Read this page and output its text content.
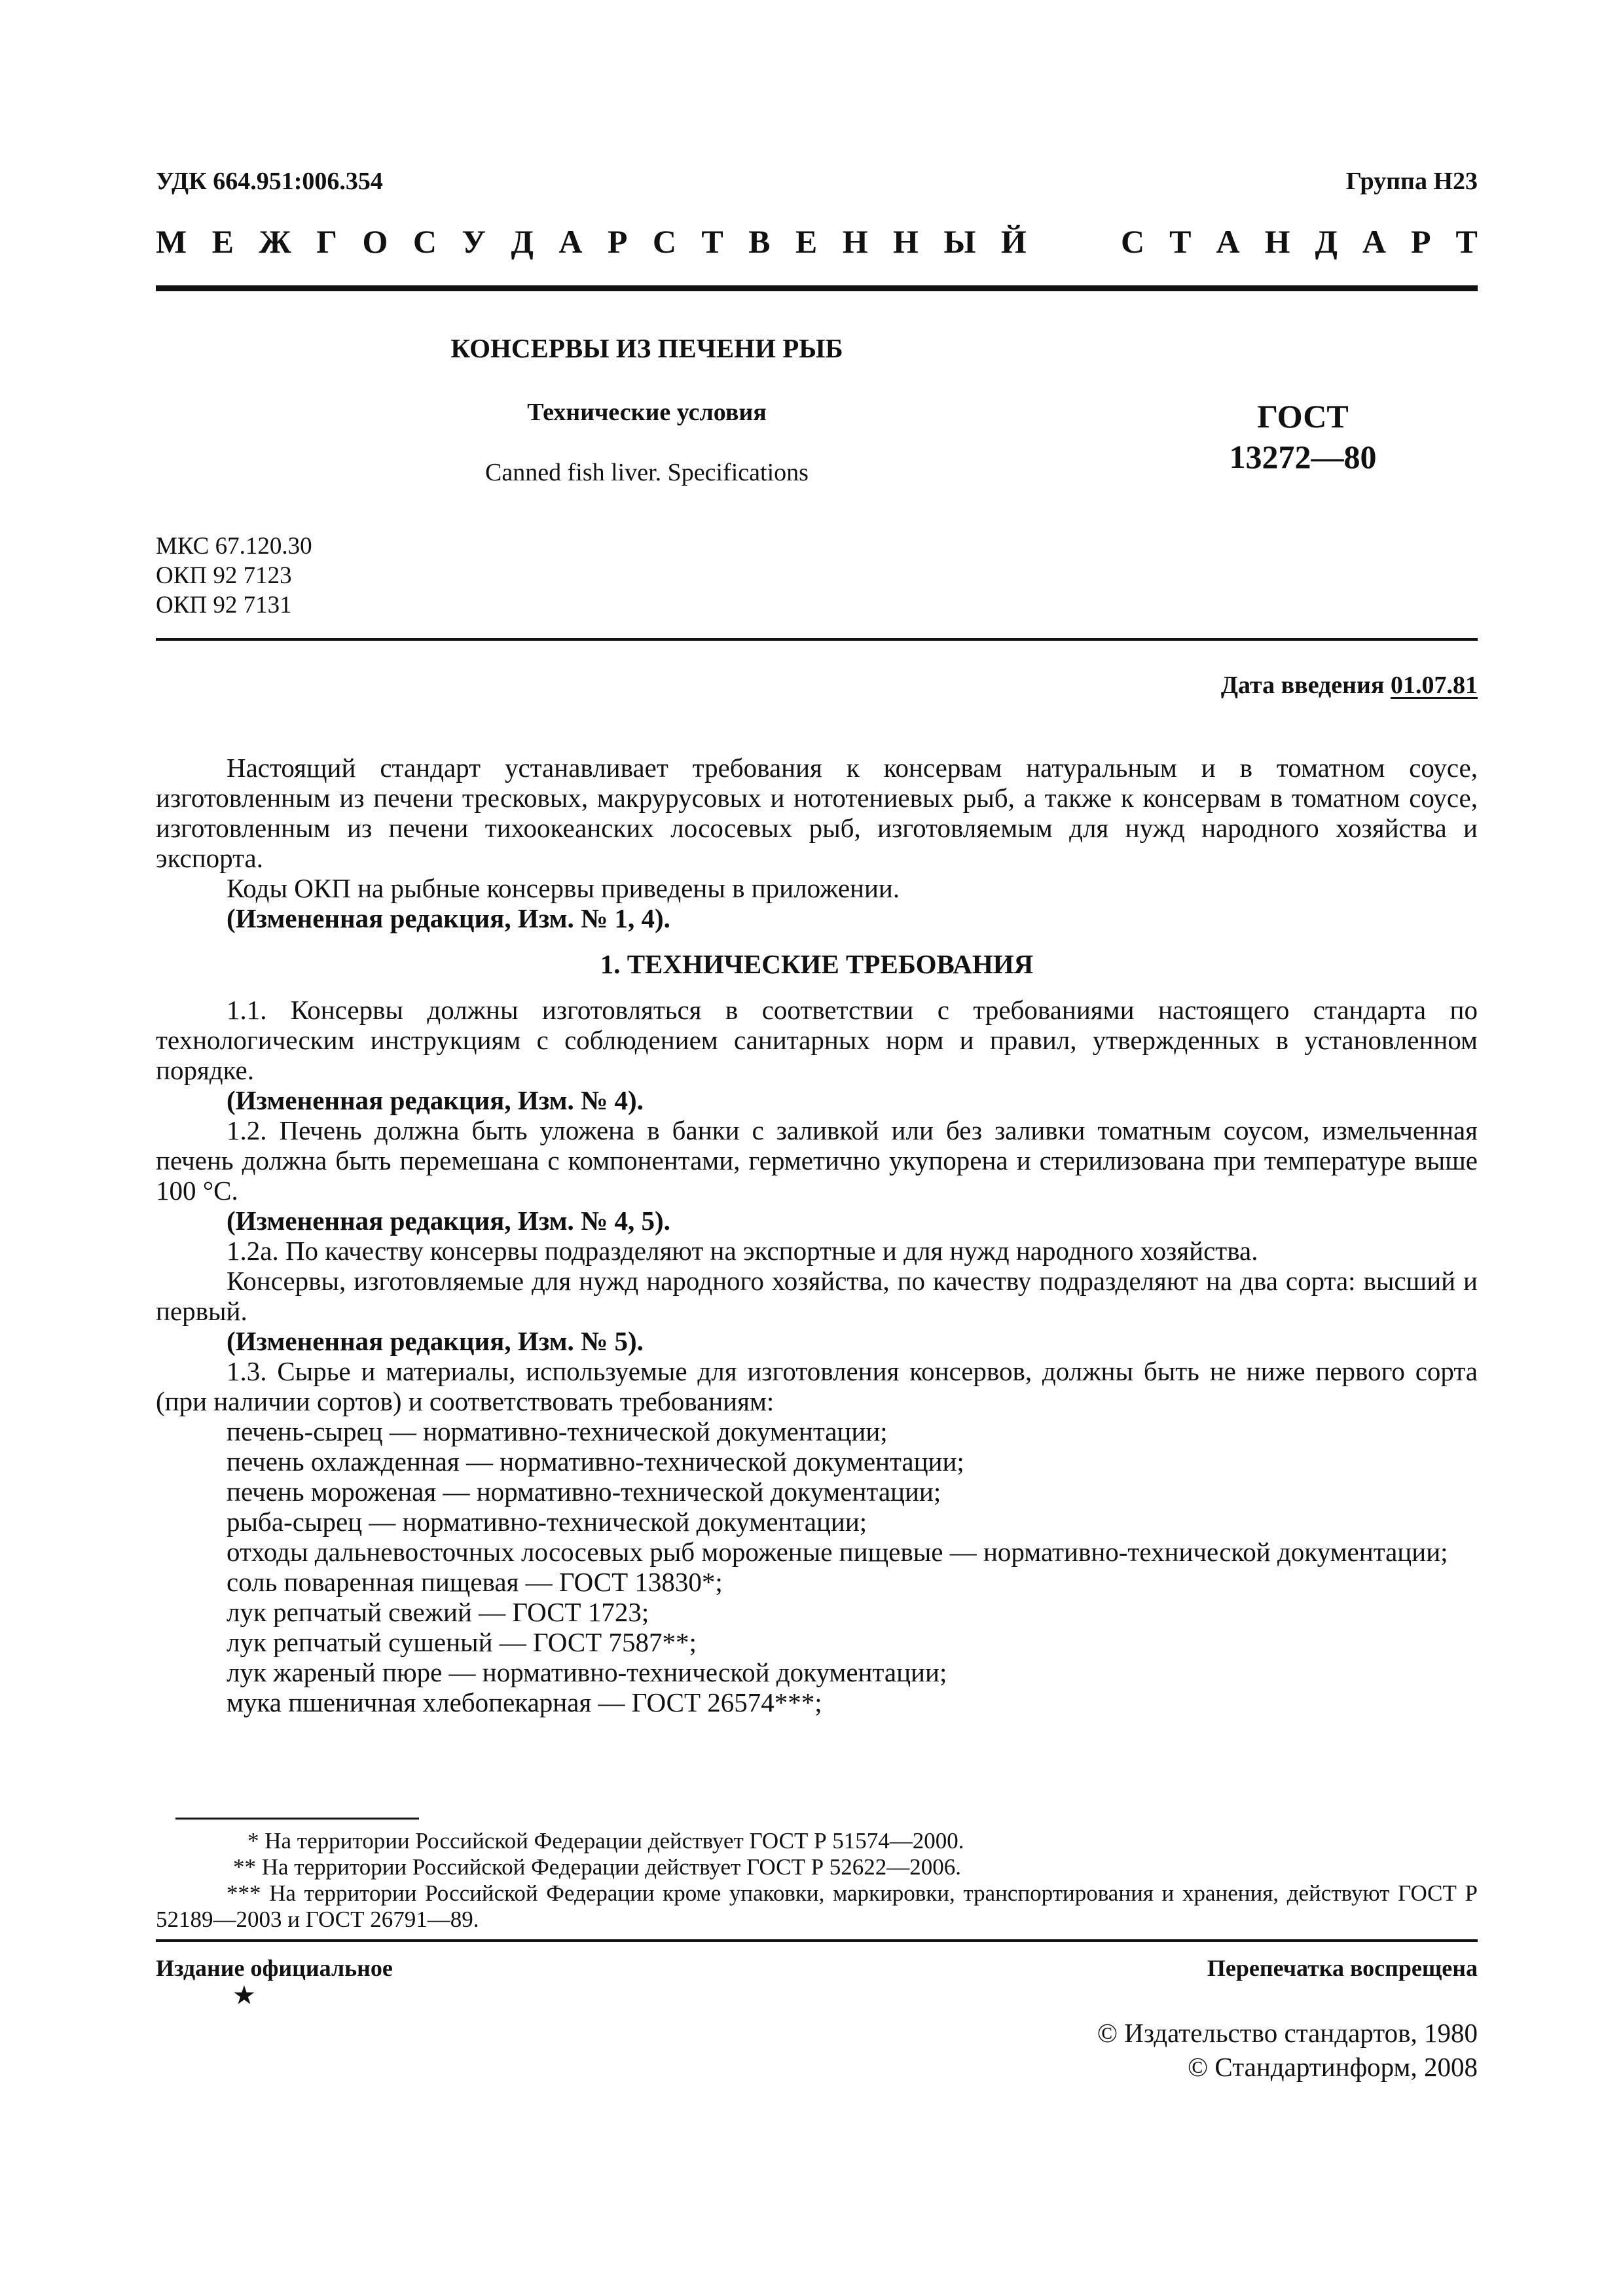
УДК 664.951:006.354	Группа Н23
М Е Ж Г О С У Д А Р С Т В Е Н Н Ы Й	С Т А Н Д А Р Т
КОНСЕРВЫ ИЗ ПЕЧЕНИ РЫБ
Технические условия
Canned fish liver. Specifications
ГОСТ
13272—80
МКС 67.120.30
ОКП 92 7123
ОКП 92 7131
Дата введения 01.07.81

Настоящий стандарт устанавливает требования к консервам натуральным и в томатном соусе, изготовленным из печени тресковых, макрурусовых и нототениевых рыб, а также к консервам в томатном соусе, изготовленным из печени тихоокеанских лососевых рыб, изготовляемым для нужд народного хозяйства и экспорта.

Коды ОКП на рыбные консервы приведены в приложении.

(Измененная редакция, Изм. № 1, 4).

1. ТЕХНИЧЕСКИЕ ТРЕБОВАНИЯ

1.1. Консервы должны изготовляться в соответствии с требованиями настоящего стандарта по технологическим инструкциям с соблюдением санитарных норм и правил, утвержденных в установленном порядке.

(Измененная редакция, Изм. № 4).

1.2. Печень должна быть уложена в банки с заливкой или без заливки томатным соусом, измельченная печень должна быть перемешана с компонентами, герметично укупорена и стерилизована при температуре выше 100 °С.

(Измененная редакция, Изм. № 4, 5).

1.2а. По качеству консервы подразделяют на экспортные и для нужд народного хозяйства.

Консервы, изготовляемые для нужд народного хозяйства, по качеству подразделяют на два сорта: высший и первый.

(Измененная редакция, Изм. № 5).

1.3. Сырье и материалы, используемые для изготовления консервов, должны быть не ниже первого сорта (при наличии сортов) и соответствовать требованиям:

печень-сырец — нормативно-технической документации;

печень охлажденная — нормативно-технической документации;

печень мороженая — нормативно-технической документации;

рыба-сырец — нормативно-технической документации;

отходы дальневосточных лососевых рыб мороженые пищевые — нормативно-технической документации;

соль поваренная пищевая — ГОСТ 13830*;

лук репчатый свежий — ГОСТ 1723;

лук репчатый сушеный — ГОСТ 7587**;

лук жареный пюре — нормативно-технической документации;

мука пшеничная хлебопекарная — ГОСТ 26574***;

* На территории Российской Федерации действует ГОСТ Р 51574—2000.

** На территории Российской Федерации действует ГОСТ Р 52622—2006.

*** На территории Российской Федерации кроме упаковки, маркировки, транспортирования и хранения, действуют ГОСТ Р 52189—2003 и ГОСТ 26791—89.

Издание официальное
★
Перепечатка воспрещена
© Издательство стандартов, 1980
© Стандартинформ, 2008
